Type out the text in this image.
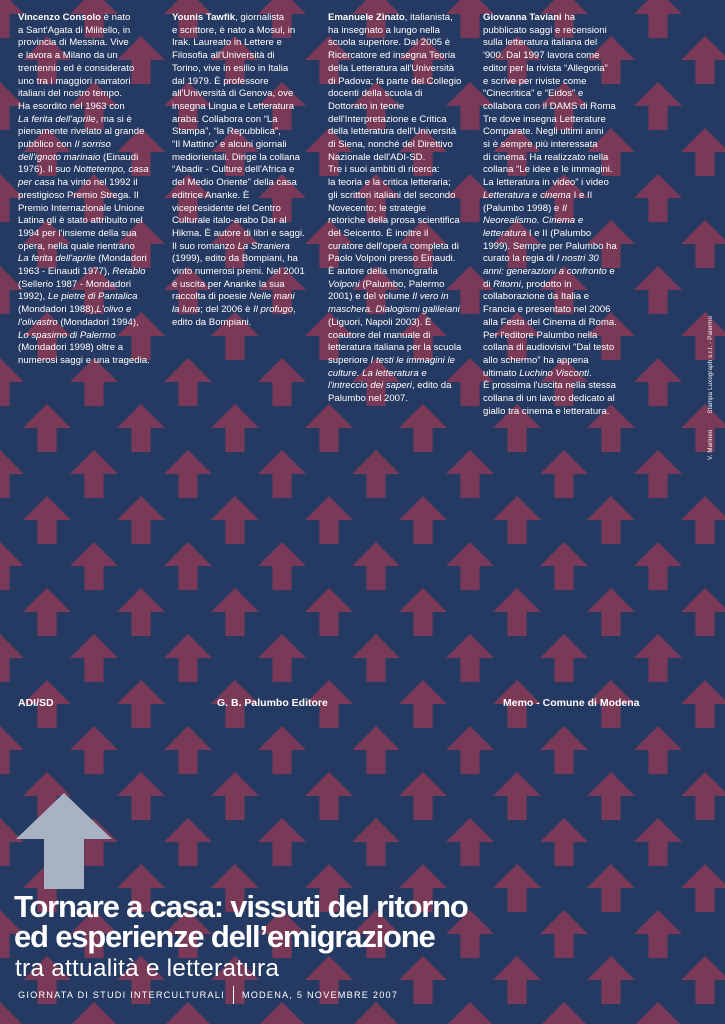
Vincenzo Consolo è nato

a Sant'Agata di Militello, in

provincia di Messina. Vive

e lavora a Milano da un

trentennio ed è considerato

uno tra i maggiori narratori

italiani del nostro tempo.

Ha esordito nel 1963 con

La ferita dell'aprile, ma si è

pienamente rivelato al grande

pubblico con Il sorriso

dell'ignoto marinaio (Einaudi

1976). Il suo Nottetempo, casa

per casa ha vinto nel 1992 il

prestigioso Premio Strega. Il

Premio Internazionale Unione

Latina gli è stato attribuito nel

1994 per l'insieme della sua

opera, nella quale rientrano

La ferita dell'aprile (Mondadori

1963 - Einaudi 1977), Retablo

(Sellerio 1987 - Mondadori

1992), Le pietre di Pantalica

(Mondadori 1988),L'olivo e

l'olivastro (Mondadori 1994),

Lo spasimo di Palermo

(Mondadori 1998) oltre a

numerosi saggi e una tragedia.

Younis Tawfik, giornalista

e scrittore, è nato a Mosul, in

Irak. Laureato in Lettere e

Filosofia all'Università di

Torino, vive in esilio in Italia

dal 1979. È professore

all'Università di Genova, ove

insegna Lingua e Letteratura

araba. Collabora con “La

Stampa”, “la Repubblica”,

“Il Mattino” e alcuni giornali

mediorientali. Dirige la collana

“Abadir - Culture dell'Africa e

del Medio Oriente” della casa

editrice Ananke. È

vicepresidente del Centro

Culturale italo-arabo Dar al

Hikma. È autore di libri e saggi.

Il suo romanzo La Straniera

(1999), edito da Bompiani, ha

vinto numerosi premi. Nel 2001

è uscita per Ananke la sua

raccolta di poesie Nelle mani

la luna; del 2006 è Il profugo,

edito da Bompiani.

Emanuele Zinato, italianista,

ha insegnato a lungo nella

scuola superiore. Dal 2005 è

Ricercatore ed insegna Teoria

della Letteratura all'Università

di Padova; fa parte del Collegio

docenti della scuola di

Dottorato in teorie

dell'Interpretazione e Critica

della letteratura dell'Università

di Siena, nonché del Direttivo

Nazionale dell'ADI-SD.

Tre i suoi ambiti di ricerca:

la teoria e la critica letteraria;

gli scrittori italiani del secondo

Novecento; le strategie

retoriche della prosa scientifica

del Seicento. È inoltre il

curatore dell'opera completa di

Paolo Volponi presso Einaudi.

È autore della monografia

Volponi (Palumbo, Palermo

2001) e del volume Il vero in

maschera. Dialogismi galileiani

(Liguori, Napoli 2003). È

coautore del manuale di

letteratura italiana per la scuola

superiore I testi le immagini le

culture. La letteratura e

l'intreccio dei saperi, edito da

Palumbo nel 2007.

Giovanna Taviani ha

pubblicato saggi e recensioni

sulla letteratura italiana del

'900. Dal 1997 lavora come

editor per la rivista “Allegoria”

e scrive per riviste come

“Cinecritica” e “Eidos” e

collabora con il DAMS di Roma

Tre dove insegna Letterature

Comparate. Negli ultimi anni

si è sempre più interessata

di cinema. Ha realizzato nella

collana “Le idee e le immagini.

La letteratura in video” i video

Letteratura e cinema I e II

(Palumbo 1998) e Il

Neorealismo. Cinema e

letteratura I e II (Palumbo

1999). Sempre per Palumbo ha

curato la regia di I nostri 30

anni: generazioni a confronto e

di Ritorni, prodotto in

collaborazione da Italia e

Francia e presentato nel 2006

alla Festa del Cinema di Roma.

Per l'editore Palumbo nella

collana di audiovisivi “Dal testo

allo schermo” ha appena

ultimato Luchino Visconti.

È prossima l'uscita nella stessa

collana di un lavoro dedicato al

giallo tra cinema e letteratura.

V. Marineo Stampa Luxograph s.r.l. - Palermo
ADI/SD	G. B. Palumbo Editore	Memo - Comune di Modena
Tornare a casa: vissuti del ritorno
ed esperienze dell’emigrazione
tra attualità e letteratura
GIORNATA DI STUDI INTERCULTURALI MODENA, 5 NOVEMBRE 2007
